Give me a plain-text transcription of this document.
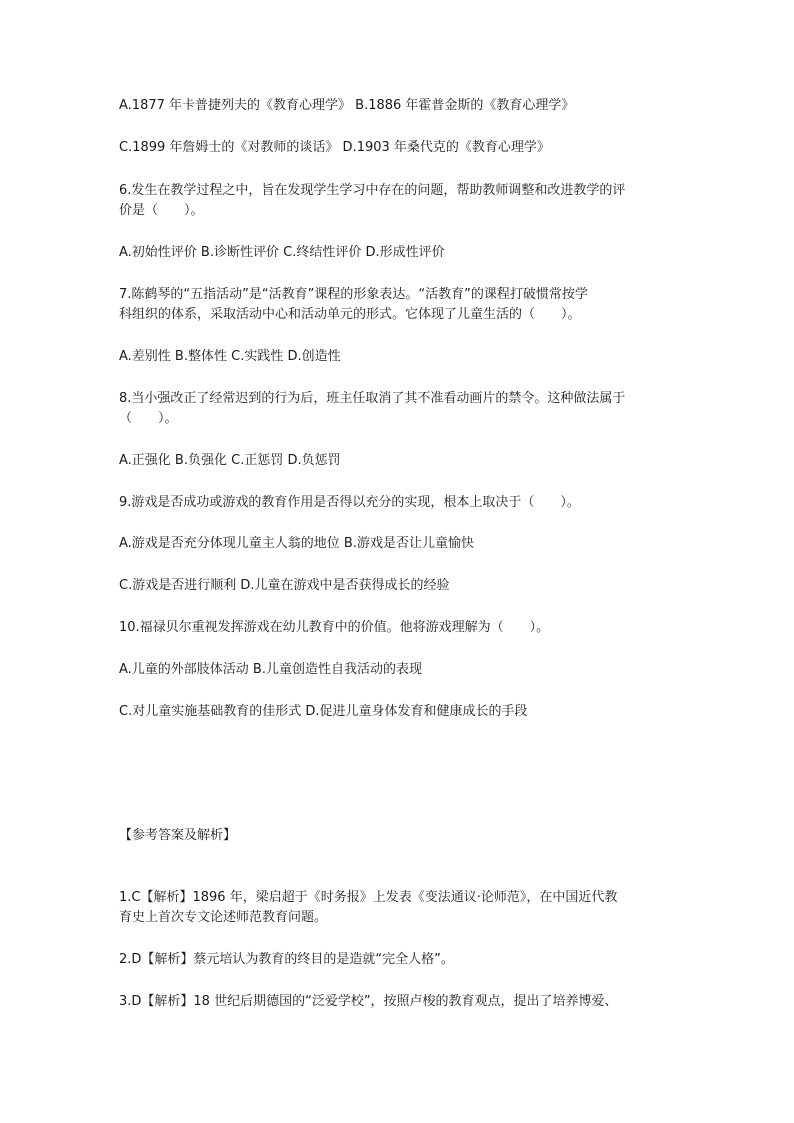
A.1877 年卡普捷列夫的《教育心理学》 B.1886 年霍普金斯的《教育心理学》
C.1899 年詹姆士的《对教师的谈话》 D.1903 年桑代克的《教育心理学》
6.发生在教学过程之中，旨在发现学生学习中存在的问题，帮助教师调整和改进教学的评
价是（　　）。
A.初始性评价 B.诊断性评价 C.终结性评价 D.形成性评价
7.陈鹤琴的“五指活动”是“活教育”课程的形象表达。“活教育”的课程打破惯常按学
科组织的体系，采取活动中心和活动单元的形式。它体现了儿童生活的（　　）。
A.差别性 B.整体性 C.实践性 D.创造性
8.当小强改正了经常迟到的行为后，班主任取消了其不准看动画片的禁令。这种做法属于
（　　）。
A.正强化 B.负强化 C.正惩罚 D.负惩罚
9.游戏是否成功或游戏的教育作用是否得以充分的实现，根本上取决于（　　）。
A.游戏是否充分体现儿童主人翁的地位 B.游戏是否让儿童愉快
C.游戏是否进行顺利 D.儿童在游戏中是否获得成长的经验
10.福禄贝尔重视发挥游戏在幼儿教育中的价值。他将游戏理解为（　　）。
A.儿童的外部肢体活动 B.儿童创造性自我活动的表现
C.对儿童实施基础教育的佳形式 D.促进儿童身体发育和健康成长的手段
【参考答案及解析】
1.C【解析】1896 年，梁启超于《时务报》上发表《变法通议·论师范》，在中国近代教
育史上首次专文论述师范教育问题。
2.D【解析】蔡元培认为教育的终目的是造就“完全人格”。
3.D【解析】18 世纪后期德国的“泛爱学校”，按照卢梭的教育观点，提出了培养博爱、
